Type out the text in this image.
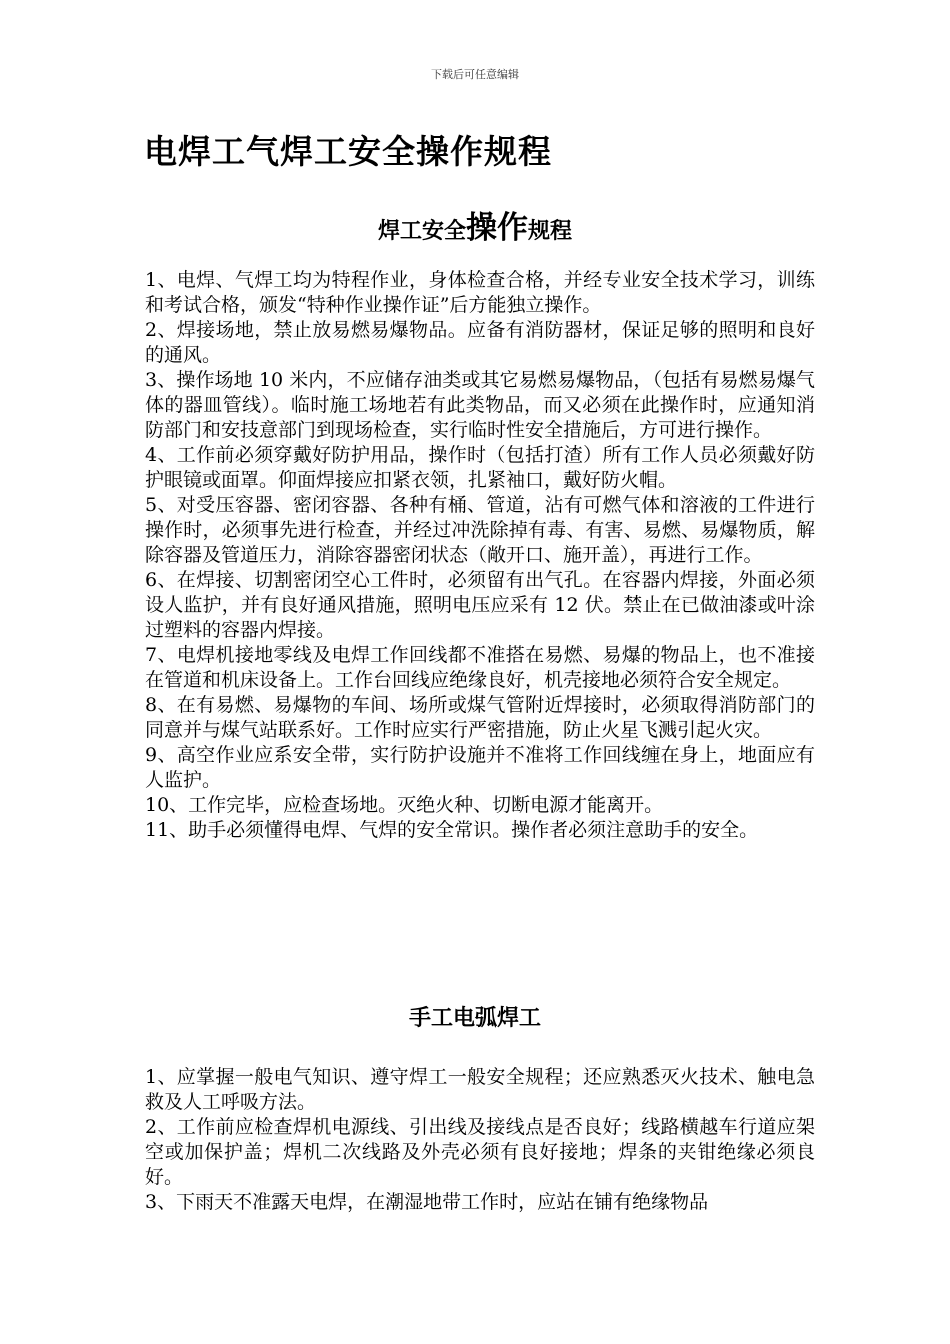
下载后可任意编辑
电焊工气焊工安全操作规程
焊工安全操作规程
1、电焊、气焊工均为特程作业，身体检查合格，并经专业安全技术学习，训练和考试合格，颁发“特种作业操作证”后方能独立操作。
2、焊接场地，禁止放易燃易爆物品。应备有消防器材，保证足够的照明和良好的通风。
3、操作场地 10 米内，不应储存油类或其它易燃易爆物品，（包括有易燃易爆气体的器皿管线）。临时施工场地若有此类物品，而又必须在此操作时，应通知消防部门和安技意部门到现场检查，实行临时性安全措施后，方可进行操作。
4、工作前必须穿戴好防护用品，操作时（包括打渣）所有工作人员必须戴好防护眼镜或面罩。仰面焊接应扣紧衣领，扎紧袖口，戴好防火帽。
5、对受压容器、密闭容器、各种有桶、管道，沾有可燃气体和溶液的工件进行操作时，必须事先进行检查，并经过冲洗除掉有毒、有害、易燃、易爆物质，解除容器及管道压力，消除容器密闭状态（敞开口、施开盖），再进行工作。
6、在焊接、切割密闭空心工件时，必须留有出气孔。在容器内焊接，外面必须设人监护，并有良好通风措施，照明电压应采有 12 伏。禁止在已做油漆或叶涂过塑料的容器内焊接。
7、电焊机接地零线及电焊工作回线都不准搭在易燃、易爆的物品上，也不准接在管道和机床设备上。工作台回线应绝缘良好，机壳接地必须符合安全规定。
8、在有易燃、易爆物的车间、场所或煤气管附近焊接时，必须取得消防部门的同意并与煤气站联系好。工作时应实行严密措施，防止火星飞溅引起火灾。
9、高空作业应系安全带，实行防护设施并不准将工作回线缠在身上，地面应有人监护。
10、工作完毕，应检查场地。灭绝火种、切断电源才能离开。
11、助手必须懂得电焊、气焊的安全常识。操作者必须注意助手的安全。
手工电弧焊工
1、应掌握一般电气知识、遵守焊工一般安全规程；还应熟悉灭火技术、触电急救及人工呼吸方法。
2、工作前应检查焊机电源线、引出线及接线点是否良好；线路横越车行道应架空或加保护盖；焊机二次线路及外壳必须有良好接地；焊条的夹钳绝缘必须良好。
3、下雨天不准露天电焊，在潮湿地带工作时，应站在铺有绝缘物品
